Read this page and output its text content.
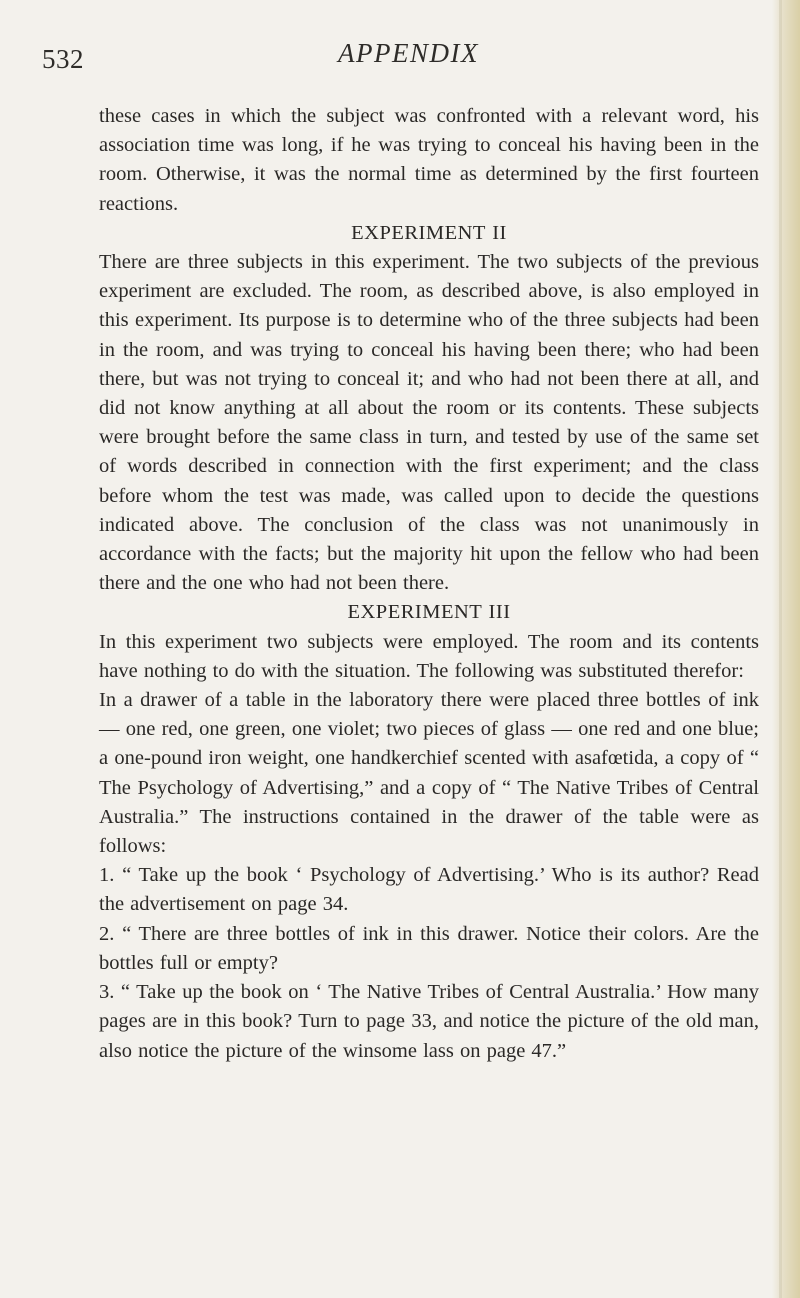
532	APPENDIX

these cases in which the subject was confronted with a relevant word, his association time was long, if he was trying to conceal his having been in the room. Otherwise, it was the normal time as determined by the first fourteen reactions.

EXPERIMENT II

There are three subjects in this experiment. The two subjects of the previous experiment are excluded. The room, as described above, is also employed in this experiment. Its purpose is to determine who of the three subjects had been in the room, and was trying to conceal his having been there; who had been there, but was not trying to conceal it; and who had not been there at all, and did not know anything at all about the room or its contents. These subjects were brought before the same class in turn, and tested by use of the same set of words described in connection with the first experiment; and the class before whom the test was made, was called upon to decide the questions indicated above. The conclusion of the class was not unanimously in accordance with the facts; but the majority hit upon the fellow who had been there and the one who had not been there.

EXPERIMENT III

In this experiment two subjects were employed. The room and its contents have nothing to do with the situation. The following was substituted therefor:

In a drawer of a table in the laboratory there were placed three bottles of ink — one red, one green, one violet; two pieces of glass — one red and one blue; a one-pound iron weight, one handkerchief scented with asafœtida, a copy of “ The Psychology of Advertising,” and a copy of “ The Native Tribes of Central Australia.” The instructions contained in the drawer of the table were as follows:

1. “ Take up the book ‘ Psychology of Advertising.’ Who is its author? Read the advertisement on page 34.

2. “ There are three bottles of ink in this drawer. Notice their colors. Are the bottles full or empty?

3. “ Take up the book on ‘ The Native Tribes of Central Australia.’ How many pages are in this book? Turn to page 33, and notice the picture of the old man, also notice the picture of the winsome lass on page 47.”
